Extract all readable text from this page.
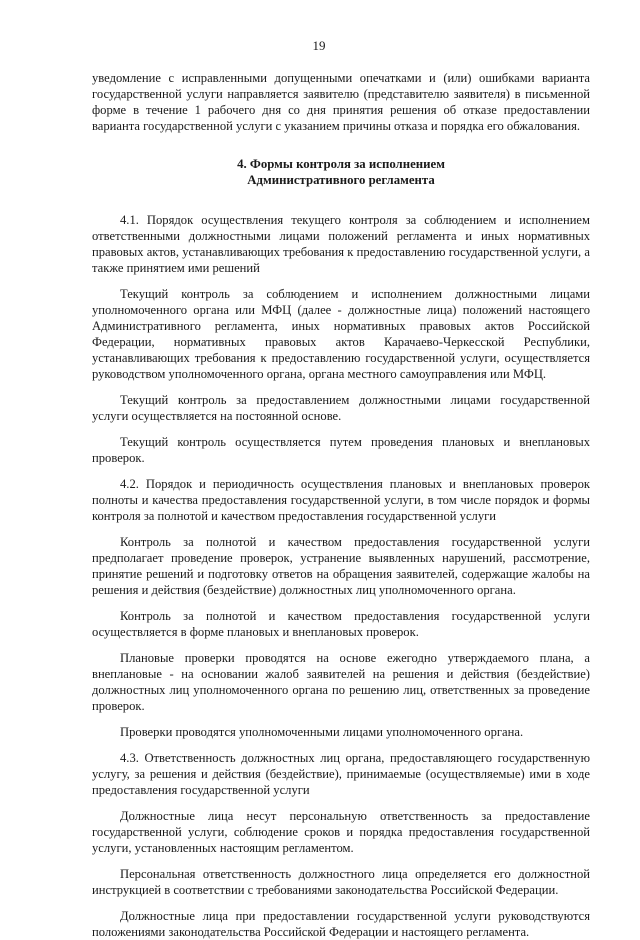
19

уведомление с исправленными допущенными опечатками и (или) ошибками варианта государственной услуги направляется заявителю (представителю заявителя) в письменной форме в течение 1 рабочего дня со дня принятия решения об отказе предоставлении варианта государственной услуги с указанием причины отказа и порядка его обжалования.

4. Формы контроля за исполнением
Административного регламента

4.1. Порядок осуществления текущего контроля за соблюдением и исполнением ответственными должностными лицами положений регламента и иных нормативных правовых актов, устанавливающих требования к предоставлению государственной услуги, а также принятием ими решений

Текущий контроль за соблюдением и исполнением должностными лицами уполномоченного органа или МФЦ (далее - должностные лица) положений настоящего Административного регламента, иных нормативных правовых актов Российской Федерации, нормативных правовых актов Карачаево-Черкесской Республики, устанавливающих требования к предоставлению государственной услуги, осуществляется руководством уполномоченного органа, органа местного самоуправления или МФЦ.

Текущий контроль за предоставлением должностными лицами государственной услуги осуществляется на постоянной основе.

Текущий контроль осуществляется путем проведения плановых и внеплановых проверок.

4.2. Порядок и периодичность осуществления плановых и внеплановых проверок полноты и качества предоставления государственной услуги, в том числе порядок и формы контроля за полнотой и качеством предоставления государственной услуги

Контроль за полнотой и качеством предоставления государственной услуги предполагает проведение проверок, устранение выявленных нарушений, рассмотрение, принятие решений и подготовку ответов на обращения заявителей, содержащие жалобы на решения и действия (бездействие) должностных лиц уполномоченного органа.

Контроль за полнотой и качеством предоставления государственной услуги осуществляется в форме плановых и внеплановых проверок.

Плановые проверки проводятся на основе ежегодно утверждаемого плана, а внеплановые - на основании жалоб заявителей на решения и действия (бездействие) должностных лиц уполномоченного органа по решению лиц, ответственных за проведение проверок.

Проверки проводятся уполномоченными лицами уполномоченного органа.

4.3. Ответственность должностных лиц органа, предоставляющего государственную услугу, за решения и действия (бездействие), принимаемые (осуществляемые) ими в ходе предоставления государственной услуги

Должностные лица несут персональную ответственность за предоставление государственной услуги, соблюдение сроков и порядка предоставления государственной услуги, установленных настоящим регламентом.

Персональная ответственность должностного лица определяется его должностной инструкцией в соответствии с требованиями законодательства Российской Федерации.

Должностные лица при предоставлении государственной услуги руководствуются положениями законодательства Российской Федерации и настоящего регламента.
